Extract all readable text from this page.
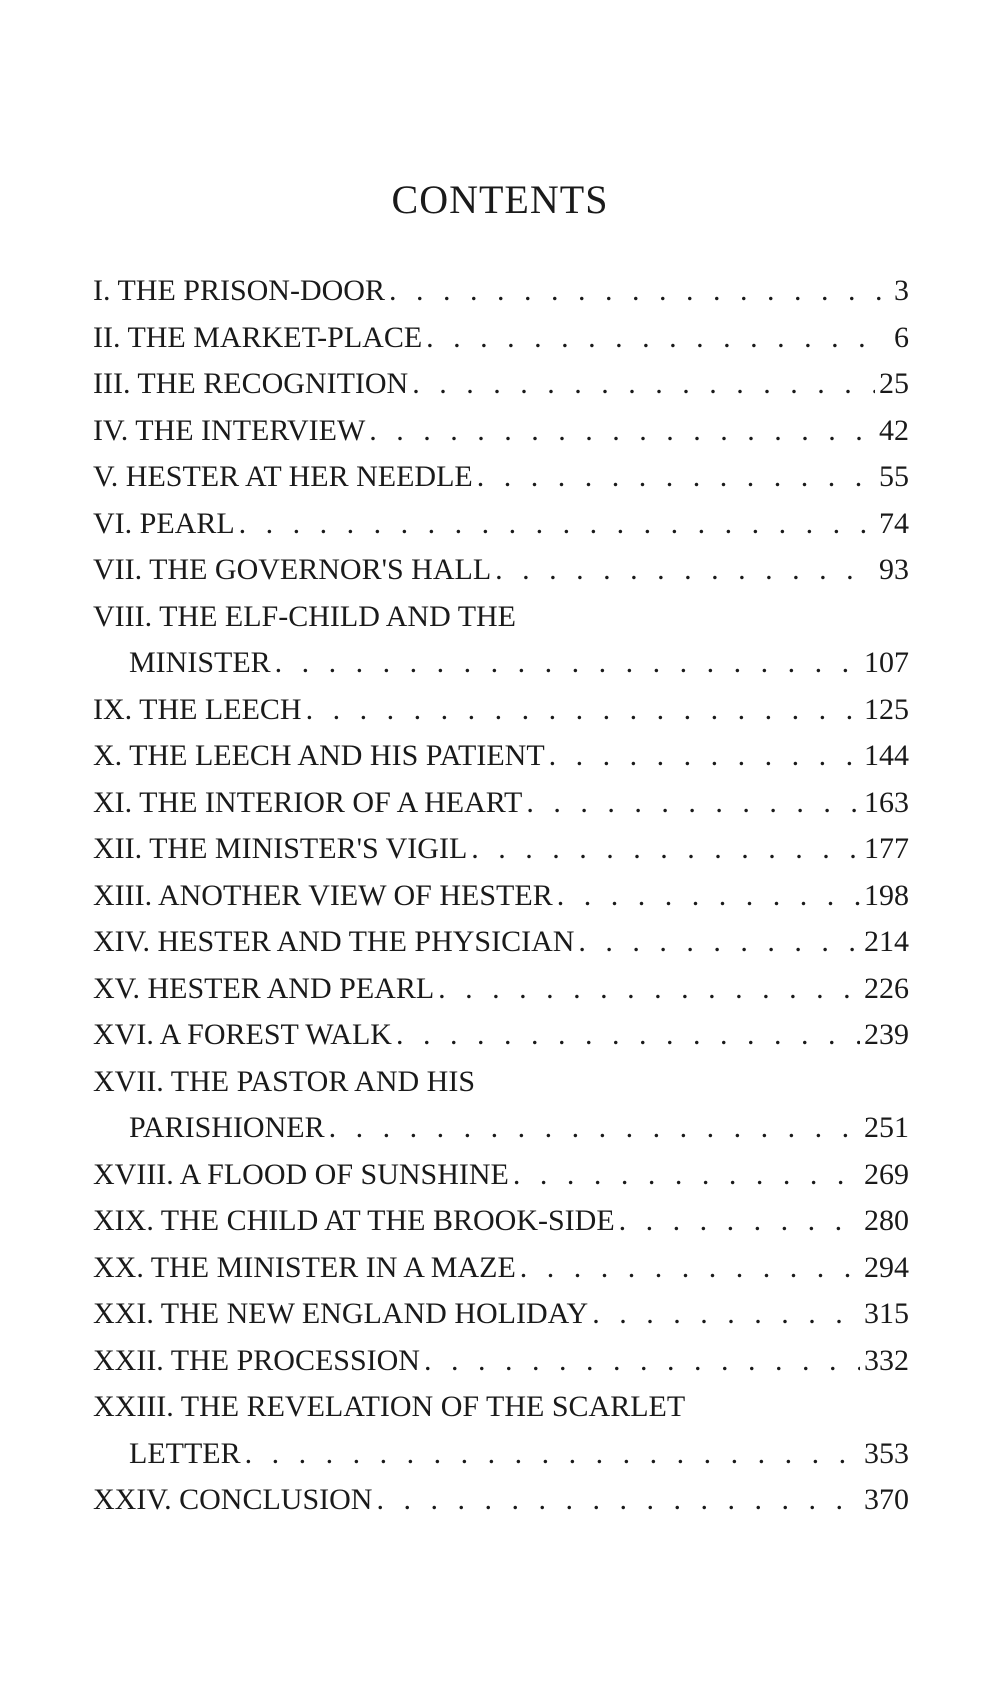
CONTENTS
I. THE PRISON-DOOR . . .	3
II. THE MARKET-PLACE . . .	6
III. THE RECOGNITION . . .	25
IV. THE INTERVIEW . . .	42
V. HESTER AT HER NEEDLE . . .	55
VI. PEARL . . .	74
VII. THE GOVERNOR'S HALL . . .	93
VIII. THE ELF-CHILD AND THE
MINISTER . . .	107
IX. THE LEECH . . .	125
X. THE LEECH AND HIS PATIENT . . .	144
XI. THE INTERIOR OF A HEART . . .	163
XII. THE MINISTER'S VIGIL . . .	177
XIII. ANOTHER VIEW OF HESTER . . .	198
XIV. HESTER AND THE PHYSICIAN . . .	214
XV. HESTER AND PEARL . . .	226
XVI. A FOREST WALK . . .	239
XVII. THE PASTOR AND HIS
PARISHIONER . . .	251
XVIII. A FLOOD OF SUNSHINE . . .	269
XIX. THE CHILD AT THE BROOK-SIDE . . .	280
XX. THE MINISTER IN A MAZE . . .	294
XXI. THE NEW ENGLAND HOLIDAY . . .	315
XXII. THE PROCESSION . . .	332
XXIII. THE REVELATION OF THE SCARLET
LETTER . . .	353
XXIV. CONCLUSION . . .	370
